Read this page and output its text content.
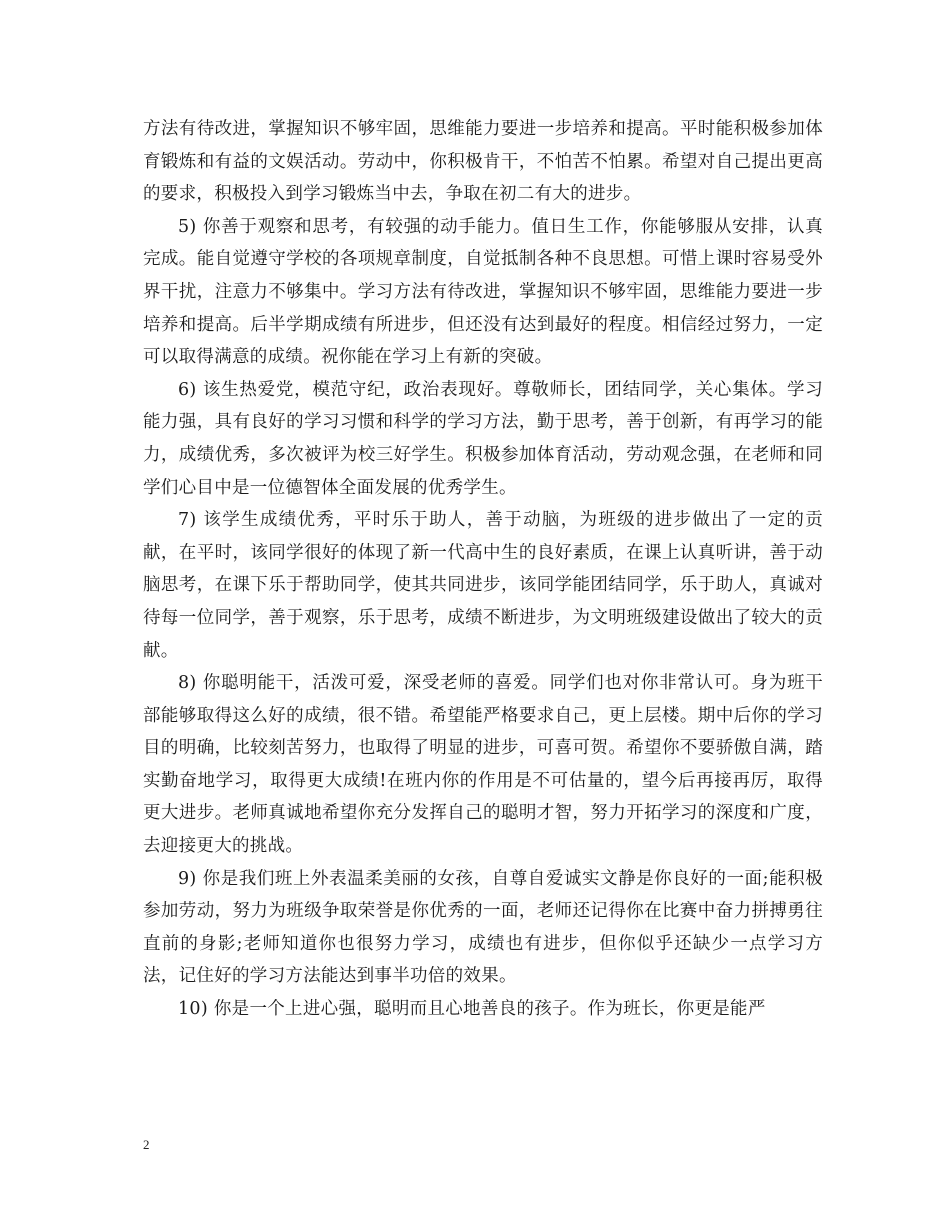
方法有待改进，掌握知识不够牢固，思维能力要进一步培养和提高。平时能积极参加体育锻炼和有益的文娱活动。劳动中，你积极肯干，不怕苦不怕累。希望对自己提出更高的要求，积极投入到学习锻炼当中去，争取在初二有大的进步。

5) 你善于观察和思考，有较强的动手能力。值日生工作，你能够服从安排，认真完成。能自觉遵守学校的各项规章制度，自觉抵制各种不良思想。可惜上课时容易受外界干扰，注意力不够集中。学习方法有待改进，掌握知识不够牢固，思维能力要进一步培养和提高。后半学期成绩有所进步，但还没有达到最好的程度。相信经过努力，一定可以取得满意的成绩。祝你能在学习上有新的突破。

6) 该生热爱党，模范守纪，政治表现好。尊敬师长，团结同学，关心集体。学习能力强，具有良好的学习习惯和科学的学习方法，勤于思考，善于创新，有再学习的能力，成绩优秀，多次被评为校三好学生。积极参加体育活动，劳动观念强，在老师和同学们心目中是一位德智体全面发展的优秀学生。

7) 该学生成绩优秀，平时乐于助人，善于动脑，为班级的进步做出了一定的贡献，在平时，该同学很好的体现了新一代高中生的良好素质，在课上认真听讲，善于动脑思考，在课下乐于帮助同学，使其共同进步，该同学能团结同学，乐于助人，真诚对待每一位同学，善于观察，乐于思考，成绩不断进步，为文明班级建设做出了较大的贡献。

8) 你聪明能干，活泼可爱，深受老师的喜爱。同学们也对你非常认可。身为班干部能够取得这么好的成绩，很不错。希望能严格要求自己，更上层楼。期中后你的学习目的明确，比较刻苦努力，也取得了明显的进步，可喜可贺。希望你不要骄傲自满，踏实勤奋地学习，取得更大成绩!在班内你的作用是不可估量的，望今后再接再厉，取得更大进步。老师真诚地希望你充分发挥自己的聪明才智，努力开拓学习的深度和广度，去迎接更大的挑战。

9) 你是我们班上外表温柔美丽的女孩，自尊自爱诚实文静是你良好的一面;能积极参加劳动，努力为班级争取荣誉是你优秀的一面，老师还记得你在比赛中奋力拼搏勇往直前的身影;老师知道你也很努力学习，成绩也有进步，但你似乎还缺少一点学习方法，记住好的学习方法能达到事半功倍的效果。

10) 你是一个上进心强，聪明而且心地善良的孩子。作为班长，你更是能严

2
